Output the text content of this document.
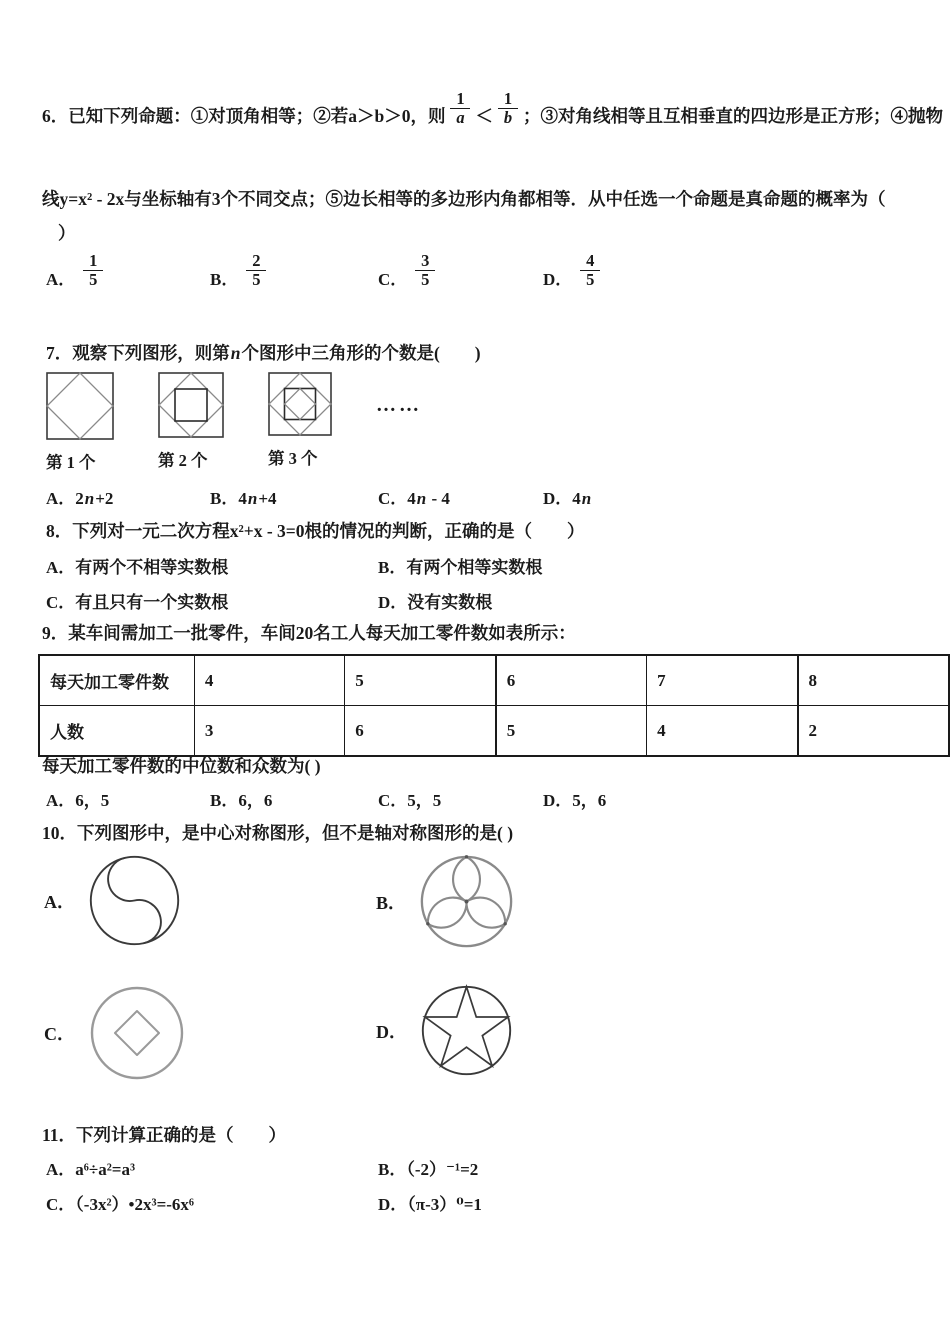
6． 已知下列命题：①对顶角相等；②若a＞b＞0，则 $\frac{1}{a} < \frac{1}{b}$ ；③对角线相等且互相垂直的四边形是正方形；④抛物
线y=x² - 2x与坐标轴有3个不同交点；⑤边长相等的多边形内角都相等．从中任选一个命题是真命题的概率为（
）
A． $\frac{1}{5}$	B． $\frac{2}{5}$	C． $\frac{3}{5}$	D． $\frac{4}{5}$
7．观察下列图形，则第n个图形中三角形的个数是(　　)
第 1 个	第 2 个	第 3 个
……
A．2n+2	B．4n+4	C．4n - 4	D．4n
8．下列对一元二次方程x²+x - 3=0根的情况的判断，正确的是（　　）
A．有两个不相等实数根	B．有两个相等实数根
C．有且只有一个实数根	D．没有实数根
9．某车间需加工一批零件，车间20名工人每天加工零件数如表所示：
每天加工零件数	4	5	6	7	8
人数	3	6	5	4	2
每天加工零件数的中位数和众数为( )
A．6，5	B．6，6	C．5，5	D．5，6
10．下列图形中，是中心对称图形，但不是轴对称图形的是( )
A．	B．
C．	D．
11．下列计算正确的是（　　）
A．a⁶÷a²=a³	B．（-2）⁻¹=2
C．（-3x²）•2x³=-6x⁶	D．（π-3）⁰=1
